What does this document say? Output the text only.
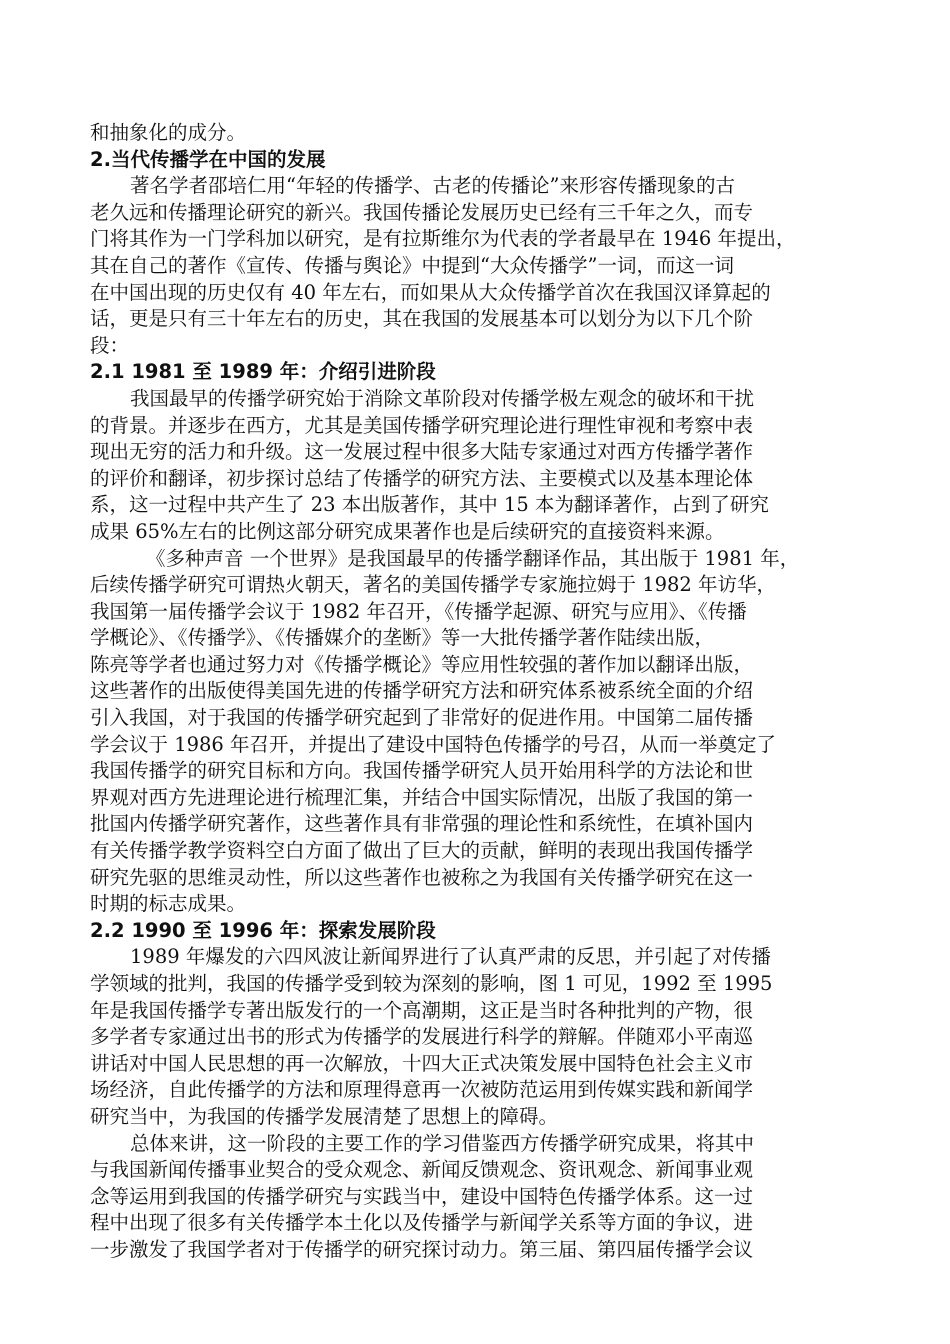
和抽象化的成分。
2.当代传播学在中国的发展
著名学者邵培仁用“年轻的传播学、古老的传播论”来形容传播现象的古
老久远和传播理论研究的新兴。我国传播论发展历史已经有三千年之久，而专
门将其作为一门学科加以研究，是有拉斯维尔为代表的学者最早在 1946 年提出，
其在自己的著作《宣传、传播与舆论》中提到“大众传播学”一词，而这一词
在中国出现的历史仅有 40 年左右，而如果从大众传播学首次在我国汉译算起的
话，更是只有三十年左右的历史，其在我国的发展基本可以划分为以下几个阶
段：
2.1 1981 至 1989 年：介绍引进阶段
我国最早的传播学研究始于消除文革阶段对传播学极左观念的破坏和干扰
的背景。并逐步在西方，尤其是美国传播学研究理论进行理性审视和考察中表
现出无穷的活力和升级。这一发展过程中很多大陆专家通过对西方传播学著作
的评价和翻译，初步探讨总结了传播学的研究方法、主要模式以及基本理论体
系，这一过程中共产生了 23 本出版著作，其中 15 本为翻译著作，占到了研究
成果 65%左右的比例这部分研究成果著作也是后续研究的直接资料来源。
《多种声音 一个世界》是我国最早的传播学翻译作品，其出版于 1981 年，
后续传播学研究可谓热火朝天，著名的美国传播学专家施拉姆于 1982 年访华，
我国第一届传播学会议于 1982 年召开，《传播学起源、研究与应用》、《传播
学概论》、《传播学》、《传播媒介的垄断》等一大批传播学著作陆续出版，
陈亮等学者也通过努力对《传播学概论》等应用性较强的著作加以翻译出版，
这些著作的出版使得美国先进的传播学研究方法和研究体系被系统全面的介绍
引入我国，对于我国的传播学研究起到了非常好的促进作用。中国第二届传播
学会议于 1986 年召开，并提出了建设中国特色传播学的号召，从而一举奠定了
我国传播学的研究目标和方向。我国传播学研究人员开始用科学的方法论和世
界观对西方先进理论进行梳理汇集，并结合中国实际情况，出版了我国的第一
批国内传播学研究著作，这些著作具有非常强的理论性和系统性，在填补国内
有关传播学教学资料空白方面了做出了巨大的贡献，鲜明的表现出我国传播学
研究先驱的思维灵动性，所以这些著作也被称之为我国有关传播学研究在这一
时期的标志成果。
2.2 1990 至 1996 年：探索发展阶段
1989 年爆发的六四风波让新闻界进行了认真严肃的反思，并引起了对传播
学领域的批判，我国的传播学受到较为深刻的影响，图 1 可见，1992 至 1995
年是我国传播学专著出版发行的一个高潮期，这正是当时各种批判的产物，很
多学者专家通过出书的形式为传播学的发展进行科学的辩解。伴随邓小平南巡
讲话对中国人民思想的再一次解放，十四大正式决策发展中国特色社会主义市
场经济，自此传播学的方法和原理得意再一次被防范运用到传媒实践和新闻学
研究当中，为我国的传播学发展清楚了思想上的障碍。
总体来讲，这一阶段的主要工作的学习借鉴西方传播学研究成果，将其中
与我国新闻传播事业契合的受众观念、新闻反馈观念、资讯观念、新闻事业观
念等运用到我国的传播学研究与实践当中，建设中国特色传播学体系。这一过
程中出现了很多有关传播学本土化以及传播学与新闻学关系等方面的争议，进
一步激发了我国学者对于传播学的研究探讨动力。第三届、第四届传播学会议
